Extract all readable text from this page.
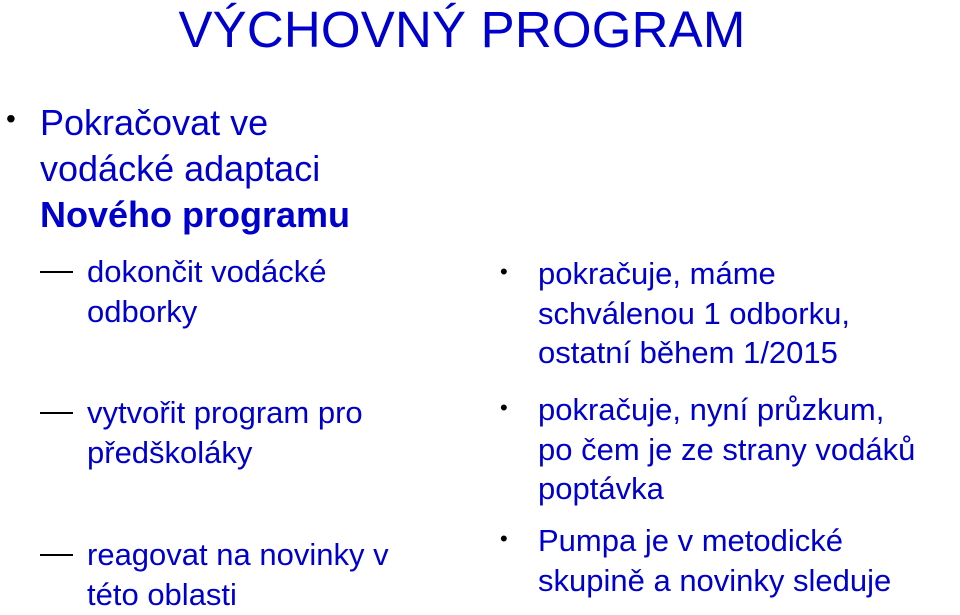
VÝCHOVNÝ PROGRAM
• Pokračovat ve
vodácké adaptaci
Nového programu
dokončit vodácké
odborky
vytvořit program pro
předškoláky
reagovat na novinky v
této oblasti
• pokračuje, máme
schválenou 1 odborku,
ostatní během 1/2015
• pokračuje, nyní průzkum,
po čem je ze strany vodáků
poptávka
• Pumpa je v metodické
skupině a novinky sleduje
